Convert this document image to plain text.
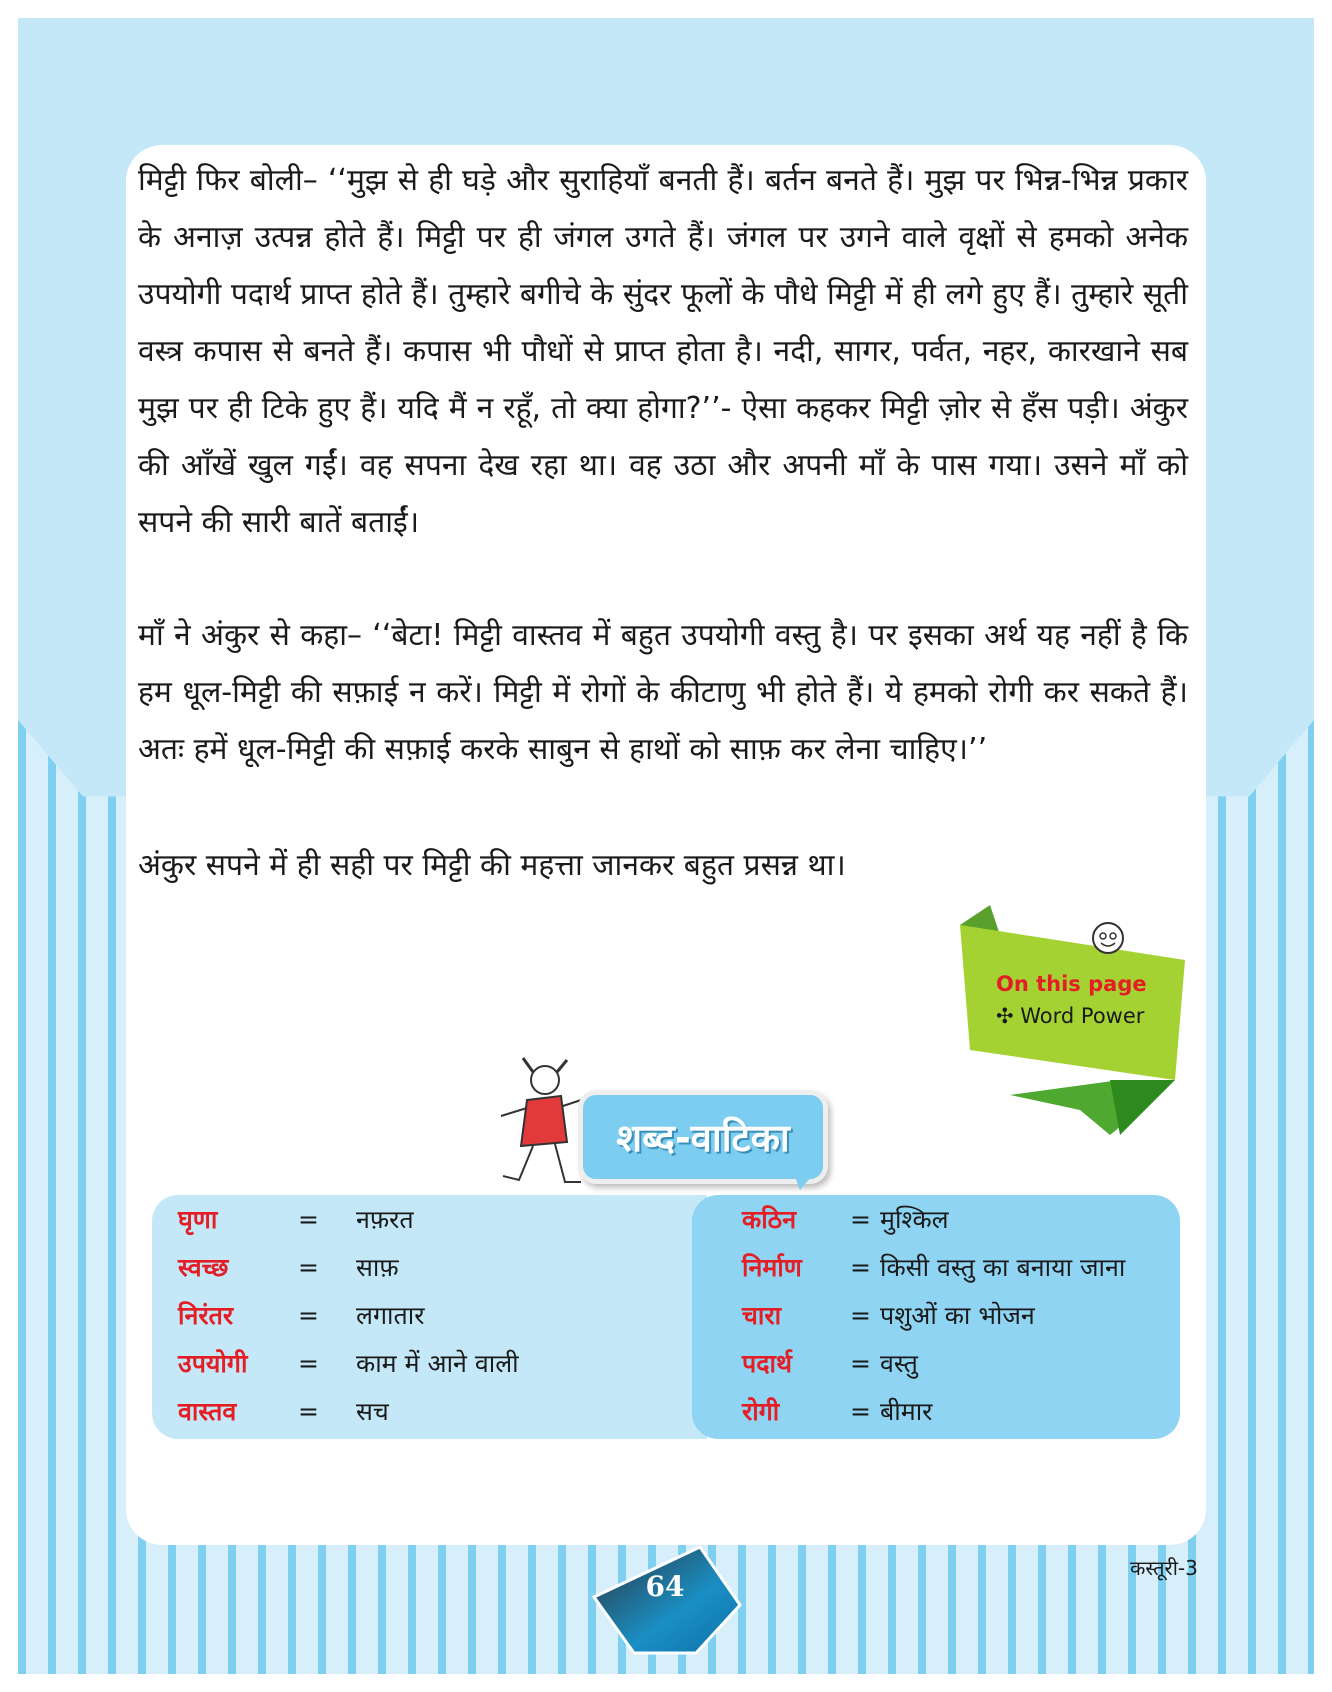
मिट्टी फिर बोली– ‘‘मुझ से ही घड़े और सुराहियाँ बनती हैं। बर्तन बनते हैं। मुझ पर भिन्न-भिन्न प्रकार के अनाज़ उत्पन्न होते हैं। मिट्टी पर ही जंगल उगते हैं। जंगल पर उगने वाले वृक्षों से हमको अनेक उपयोगी पदार्थ प्राप्त होते हैं। तुम्हारे बगीचे के सुंदर फूलों के पौधे मिट्टी में ही लगे हुए हैं। तुम्हारे सूती वस्त्र कपास से बनते हैं। कपास भी पौधों से प्राप्त होता है। नदी, सागर, पर्वत, नहर, कारखाने सब मुझ पर ही टिके हुए हैं। यदि मैं न रहूँ, तो क्या होगा?’’- ऐसा कहकर मिट्टी ज़ोर से हँस पड़ी। अंकुर की आँखें खुल गईं। वह सपना देख रहा था। वह उठा और अपनी माँ के पास गया। उसने माँ को सपने की सारी बातें बताईं।

माँ ने अंकुर से कहा– ‘‘बेटा! मिट्टी वास्तव में बहुत उपयोगी वस्तु है। पर इसका अर्थ यह नहीं है कि हम धूल-मिट्टी की सफ़ाई न करें। मिट्टी में रोगों के कीटाणु भी होते हैं। ये हमको रोगी कर सकते हैं। अतः हमें धूल-मिट्टी की सफ़ाई करके साबुन से हाथों को साफ़ कर लेना चाहिए।’’

अंकुर सपने में ही सही पर मिट्टी की महत्ता जानकर बहुत प्रसन्न था।

On this page
✣ Word Power
शब्द-वाटिका
घृणा	= नफ़रत
स्वच्छ	= साफ़
निरंतर	= लगातार
उपयोगी = काम में आने वाली
वास्तव = सच
कठिन = मुश्किल
निर्माण = किसी वस्तु का बनाया जाना
चारा	= पशुओं का भोजन
पदार्थ = वस्तु
रोगी	= बीमार
कस्तूरी-3
64
